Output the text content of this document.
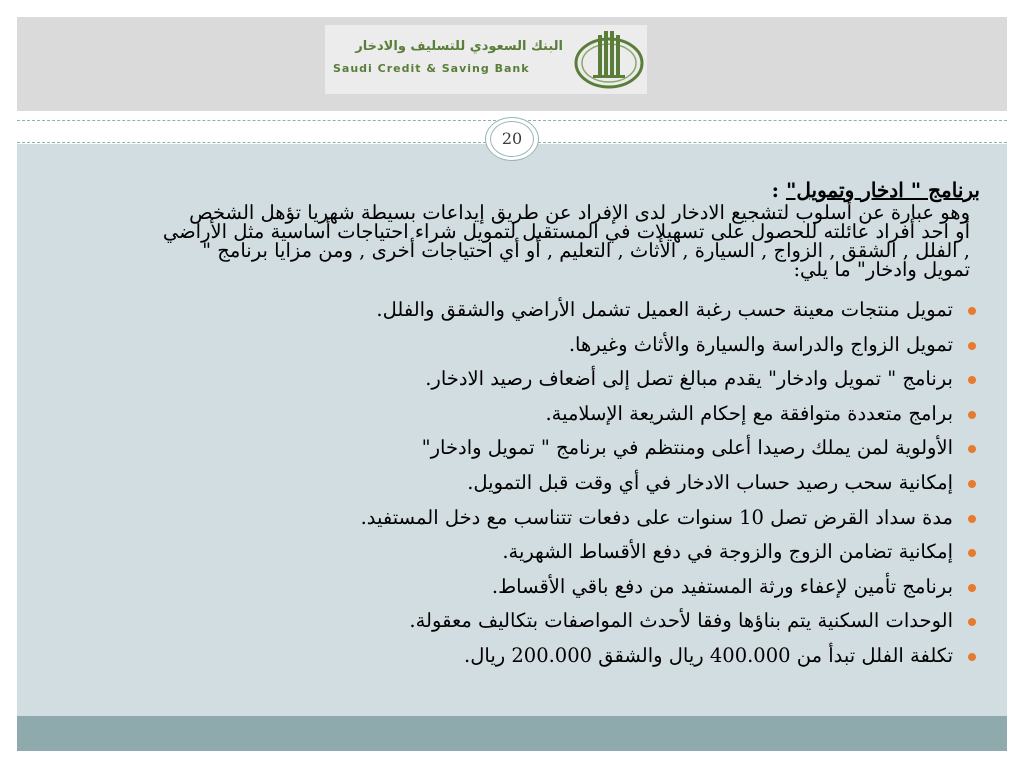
البنك السعودي للتسليف والادخار
Saudi Credit & Saving Bank

برنامج " ادخار وتمويل" :

وهو عبارة عن أسلوب لتشجيع الادخار لدى الإفراد عن طريق إيداعات بسيطة شهريا تؤهل الشخص
أو احد أفراد عائلته للحصول على تسهيلات في المستقبل لتمويل شراء احتياجات أساسية مثل الأراضي
, الفلل , الشقق , الزواج , السيارة , الأثاث , التعليم , أو أي احتياجات أخرى , ومن مزايا برنامج "
تمويل وادخار" ما يلي:

تمويل منتجات معينة حسب رغبة العميل تشمل الأراضي والشقق والفلل.
تمويل الزواج والدراسة والسيارة والأثاث وغيرها.
برنامج " تمويل وادخار" يقدم مبالغ تصل إلى أضعاف رصيد الادخار.
برامج متعددة متوافقة مع إحكام الشريعة الإسلامية.
الأولوية لمن يملك رصيدا أعلى ومنتظم في برنامج " تمويل وادخار"
إمكانية سحب رصيد حساب الادخار في أي وقت قبل التمويل.
مدة سداد القرض تصل 10 سنوات على دفعات تتناسب مع دخل المستفيد.
إمكانية تضامن الزوج والزوجة في دفع الأقساط الشهرية.
برنامج تأمين لإعفاء ورثة المستفيد من دفع باقي الأقساط.
الوحدات السكنية يتم بناؤها وفقا لأحدث المواصفات بتكاليف معقولة.
تكلفة الفلل تبدأ من 400.000 ريال والشقق 200.000 ريال.
20
